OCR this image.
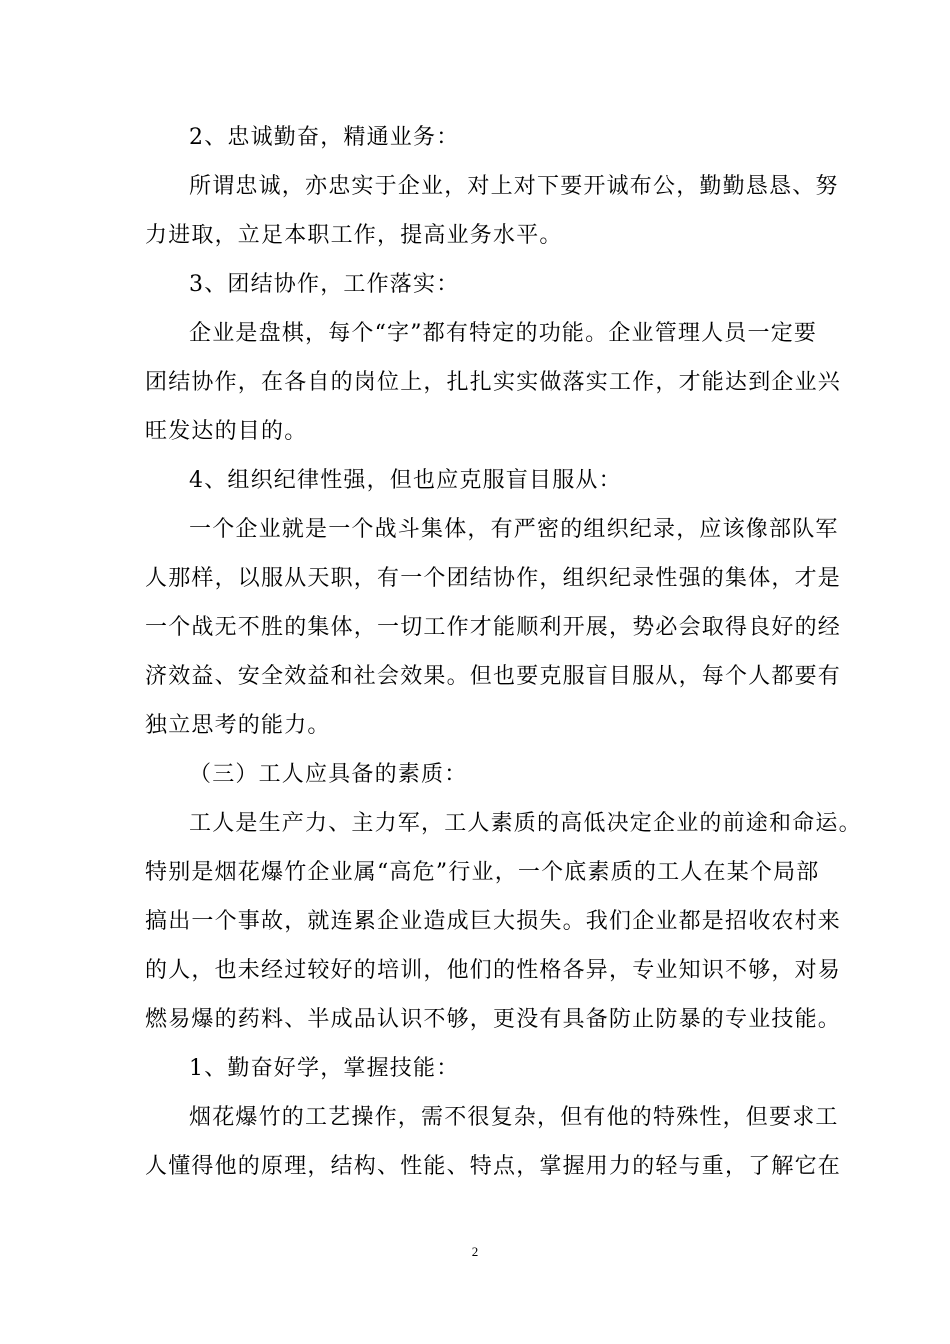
2、忠诚勤奋，精通业务：
所谓忠诚，亦忠实于企业，对上对下要开诚布公，勤勤恳恳、努
力进取，立足本职工作，提高业务水平。
3、团结协作，工作落实：
企业是盘棋，每个“字”都有特定的功能。企业管理人员一定要
团结协作，在各自的岗位上，扎扎实实做落实工作，才能达到企业兴
旺发达的目的。
4、组织纪律性强，但也应克服盲目服从：
一个企业就是一个战斗集体，有严密的组织纪录，应该像部队军
人那样，以服从天职，有一个团结协作，组织纪录性强的集体，才是
一个战无不胜的集体，一切工作才能顺利开展，势必会取得良好的经
济效益、安全效益和社会效果。但也要克服盲目服从，每个人都要有
独立思考的能力。
（三）工人应具备的素质：
工人是生产力、主力军，工人素质的高低决定企业的前途和命运。
特别是烟花爆竹企业属“高危”行业，一个底素质的工人在某个局部
搞出一个事故，就连累企业造成巨大损失。我们企业都是招收农村来
的人，也未经过较好的培训，他们的性格各异，专业知识不够，对易
燃易爆的药料、半成品认识不够，更没有具备防止防暴的专业技能。
1、勤奋好学，掌握技能：
烟花爆竹的工艺操作，需不很复杂，但有他的特殊性，但要求工
人懂得他的原理，结构、性能、特点，掌握用力的轻与重，了解它在
2
